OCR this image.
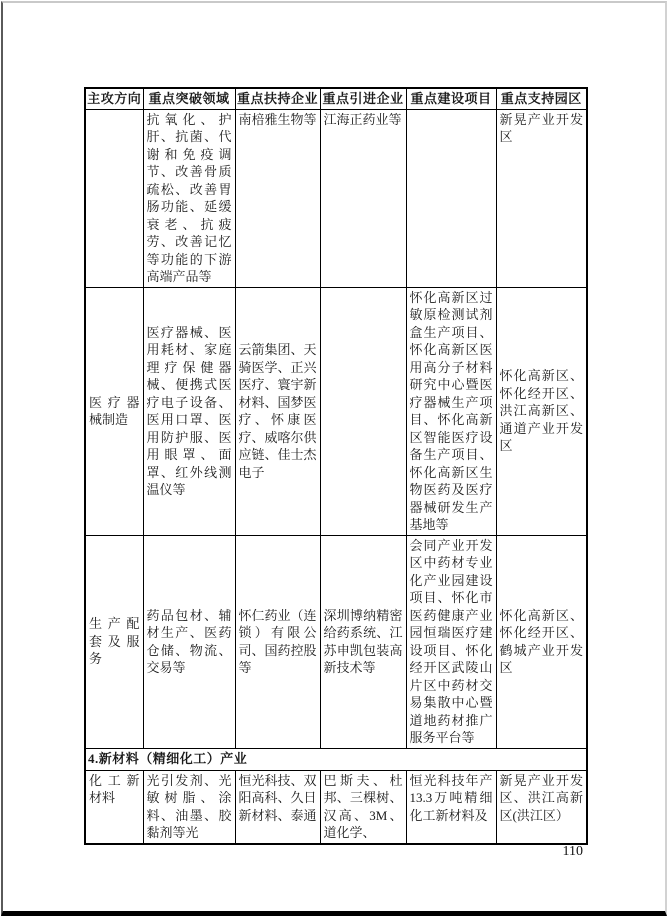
主攻方向	重点突破领域	重点扶持企业	重点引进企业	重点建设项目	重点支持园区
	抗氧化、护肝、抗菌、代谢和免疫调节、改善骨质疏松、改善胃肠功能、延缓衰老、抗疲劳、改善记忆等功能的下游高端产品等	南棓雅生物等	江海正药业等		新晃产业开发区
医疗器械制造	医疗器械、医用耗材、家庭理疗保健器械、便携式医疗电子设备、医用口罩、医用防护服、医用眼罩、面罩、红外线测温仪等	云箭集团、天骑医学、正兴医疗、寰宇新材料、国梦医疗、怀康医疗、威喀尔供应链、佳士杰电子		怀化高新区过敏原检测试剂盒生产项目、怀化高新区医用高分子材料研究中心暨医疗器械生产项目、怀化高新区智能医疗设备生产项目、怀化高新区生物医药及医疗器械研发生产基地等	怀化高新区、怀化经开区、洪江高新区、通道产业开发区
生产配套及服务	药品包材、辅材生产、医药仓储、物流、交易等	怀仁药业（连锁）有限公司、国药控股等	深圳博纳精密给药系统、江苏申凯包装高新技术等	会同产业开发区中药材专业化产业园建设项目、怀化市医药健康产业园恒瑞医疗建设项目、怀化经开区武陵山片区中药材交易集散中心暨道地药材推广服务平台等	怀化高新区、怀化经开区、鹤城产业开发区
4.新材料（精细化工）产业					
化工新材料	光引发剂、光敏树脂、涂料、油墨、胶黏剂等光	恒光科技、双阳高科、久日新材料、泰通	巴斯夫、杜邦、三棵树、汉高、3M、道化学、	恒光科技年产13.3万吨精细化工新材料及	新晃产业开发区、洪江高新区(洪江区）
110
